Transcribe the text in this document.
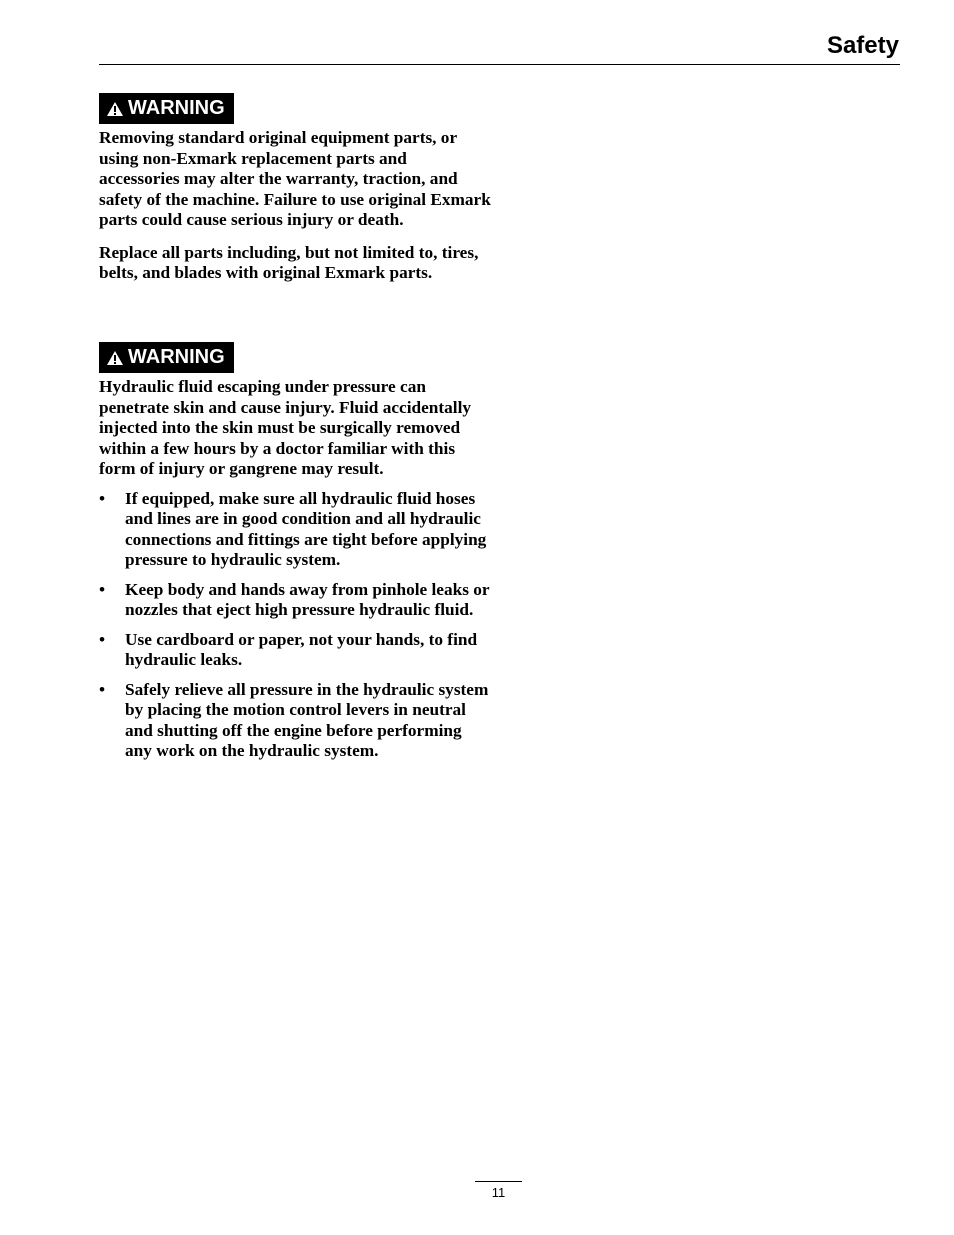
Safety
WARNING

Removing standard original equipment parts, or using non-Exmark replacement parts and accessories may alter the warranty, traction, and safety of the machine. Failure to use original Exmark parts could cause serious injury or death.

Replace all parts including, but not limited to, tires, belts, and blades with original Exmark parts.

WARNING

Hydraulic fluid escaping under pressure can penetrate skin and cause injury. Fluid accidentally injected into the skin must be surgically removed within a few hours by a doctor familiar with this form of injury or gangrene may result.

• If equipped, make sure all hydraulic fluid hoses and lines are in good condition and all hydraulic connections and fittings are tight before applying pressure to hydraulic system.
• Keep body and hands away from pinhole leaks or nozzles that eject high pressure hydraulic fluid.
• Use cardboard or paper, not your hands, to find hydraulic leaks.
• Safely relieve all pressure in the hydraulic system by placing the motion control levers in neutral and shutting off the engine before performing any work on the hydraulic system.
11
